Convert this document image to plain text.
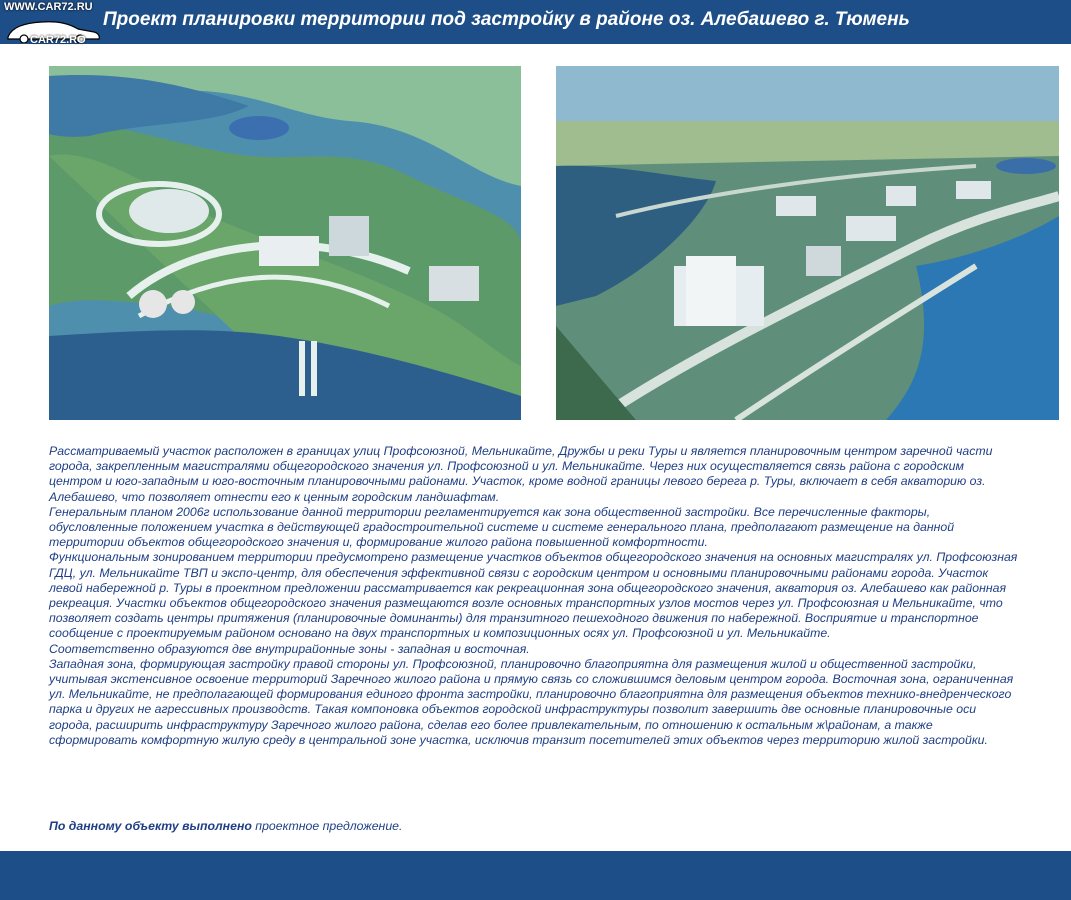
Проект планировки территории под застройку в районе оз. Алебашево г. Тюмень
WWW.CAR72.RU
CAR72.RO

Рассматриваемый участок расположен в границах улиц Профсоюзной, Мельникайте, Дружбы и реки Туры и является планировочным центром заречной части
города, закрепленным магистралями общегородского значения ул. Профсоюзной и ул. Мельникайте. Через них осуществляется связь района с городским
центром и юго-западным и юго-восточным планировочными районами. Участок, кроме водной границы левого берега р. Туры, включает в себя акваторию оз.
Алебашево, что позволяет отнести его к ценным городским ландшафтам.

Генеральным планом 2006г использование данной территории регламентируется как зона общественной застройки. Все перечисленные факторы,
обусловленные положением участка в действующей градостроительной системе и системе генерального плана, предполагают размещение на данной
территории объектов общегородского значения и, формирование жилого района повышенной комфортности.

Функциональным зонированием территории предусмотрено размещение участков объектов общегородского значения на основных магистралях ул. Профсоюзная
ГДЦ, ул. Мельникайте ТВП и экспо-центр, для обеспечения эффективной связи с городским центром и основными планировочными районами города. Участок
левой набережной р. Туры в проектном предложении рассматривается как рекреационная зона общегородского значения, акватория оз. Алебашево как районная
рекреация. Участки объектов общегородского значения размещаются возле основных транспортных узлов мостов через ул. Профсоюзная и Мельникайте, что
позволяет создать центры притяжения (планировочные доминанты) для транзитного пешеходного движения по набережной. Восприятие и транспортное
сообщение с проектируемым районом основано на двух транспортных и композиционных осях ул. Профсоюзной и ул. Мельникайте.

Соответственно образуются две внутрирайонные зоны - западная и восточная.

Западная зона, формирующая застройку правой стороны ул. Профсоюзной, планировочно благоприятна для размещения жилой и общественной застройки,
учитывая экстенсивное освоение территорий Заречного жилого района и прямую связь со сложившимся деловым центром города. Восточная зона, ограниченная
ул. Мельникайте, не предполагающей формирования единого фронта застройки, планировочно благоприятна для размещения объектов технико-внедренческого
парка и других не агрессивных производств. Такая компоновка объектов городской инфраструктуры позволит завершить две основные планировочные оси
города, расширить инфраструктуру Заречного жилого района, сделав его более привлекательным, по отношению к остальным ж\районам, а также
сформировать комфортную жилую среду в центральной зоне участка, исключив транзит посетителей этих объектов через территорию жилой застройки.

По данному объекту выполнено проектное предложение.
